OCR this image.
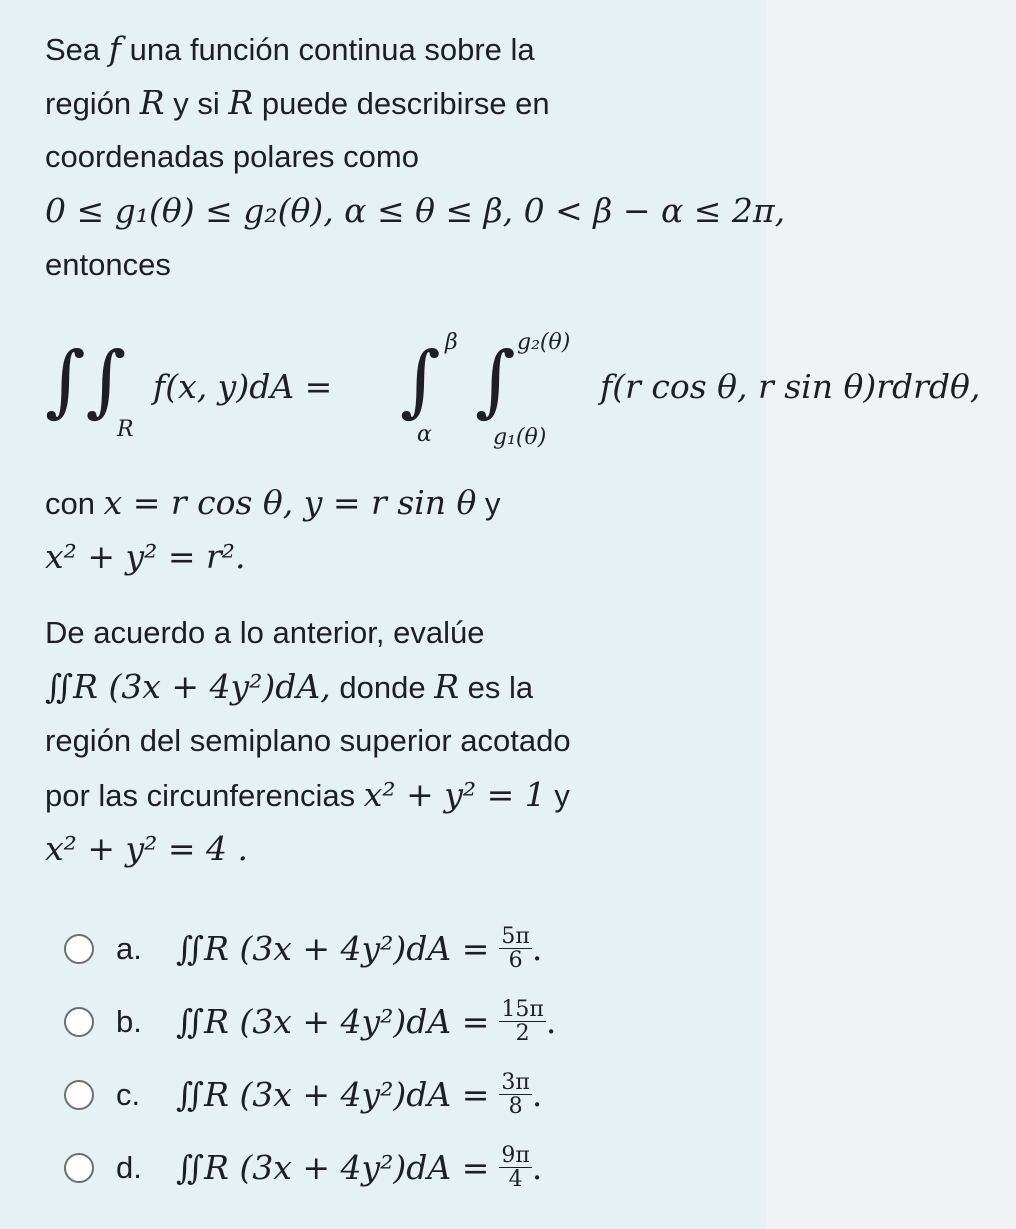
Sea f una función continua sobre la
región R y si R puede describirse en
coordenadas polares como
0 ≤ g₁(θ) ≤ g₂(θ), α ≤ θ ≤ β, 0 < β − α ≤ 2π,
entonces
∫∫
R
f(x, y)dA = ∫ β
α
∫ g₂(θ)
g₁(θ)
f(r cos θ, r sin θ)rdrdθ,
con x = r cos θ, y = r sin θ y
x² + y² = r².
De acuerdo a lo anterior, evalúe
∬R (3x + 4y²)dA, donde R es la
región del semiplano superior acotado
por las circunferencias x² + y² = 1 y
x² + y² = 4 .
a.	∬R $(3x + 4y^2)dA = \frac{5\pi}{6}$ .
b.	∬R $(3x + 4y^2)dA = \frac{15\pi}{2}$ .
c.	∬R $(3x + 4y^2)dA = \frac{3\pi}{8}$ .
d.	∬R $(3x + 4y^2)dA = \frac{9\pi}{4}$ .
